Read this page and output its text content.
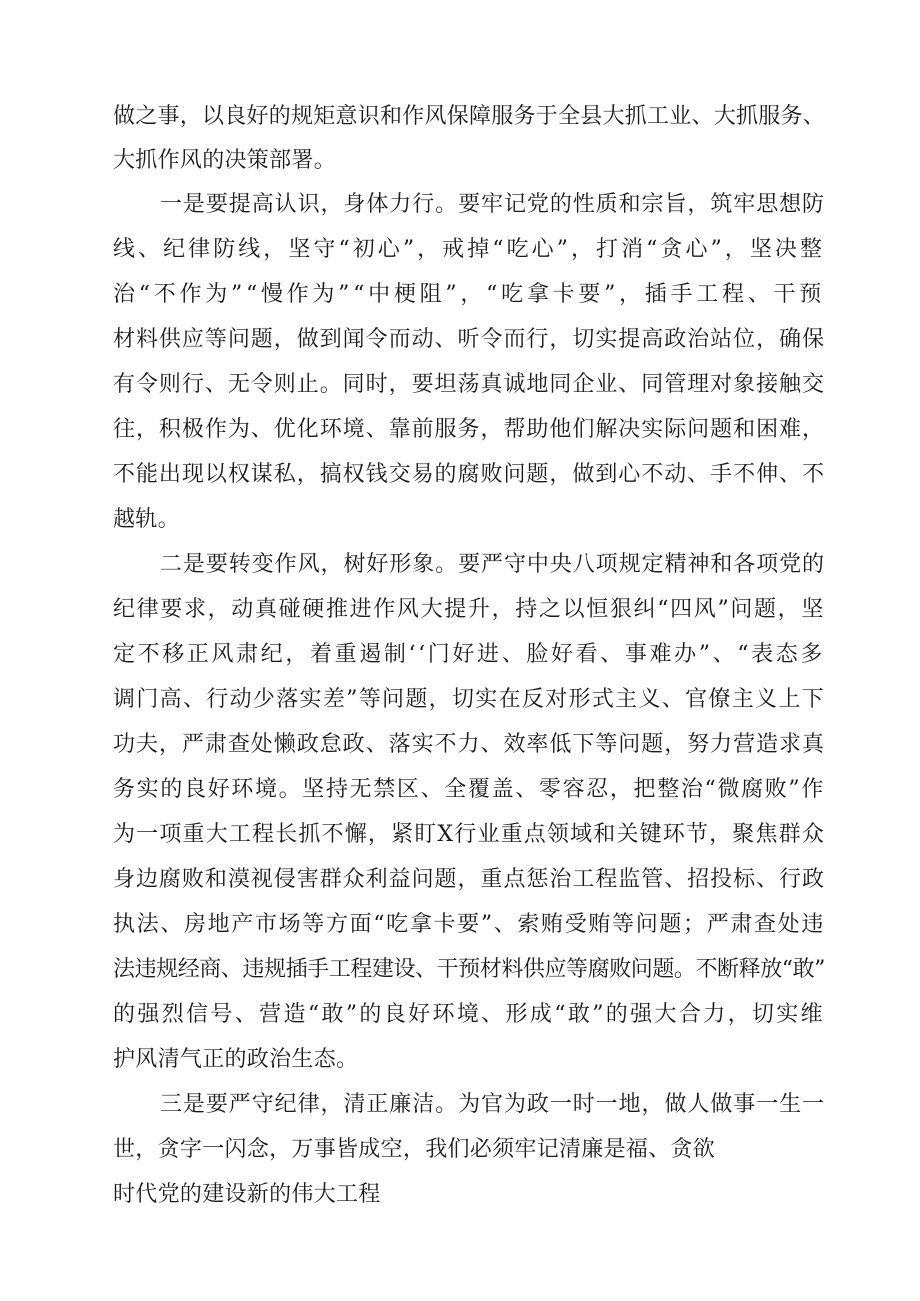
做之事，以良好的规矩意识和作风保障服务于全县大抓工业、大抓服务、
大抓作风的决策部署。
一是要提高认识，身体力行。要牢记党的性质和宗旨，筑牢思想防
线、纪律防线，坚守“初心”，戒掉“吃心”，打消“贪心”，坚决整
治“不作为”“慢作为”“中梗阻”，“吃拿卡要”，插手工程、干预
材料供应等问题，做到闻令而动、听令而行，切实提高政治站位，确保
有令则行、无令则止。同时，要坦荡真诚地同企业、同管理对象接触交
往，积极作为、优化环境、靠前服务，帮助他们解决实际问题和困难，
不能出现以权谋私，搞权钱交易的腐败问题，做到心不动、手不伸、不
越轨。
二是要转变作风，树好形象。要严守中央八项规定精神和各项党的
纪律要求，动真碰硬推进作风大提升，持之以恒狠纠“四风”问题，坚
定不移正风肃纪，着重遏制‘‘门好进、脸好看、事难办”、“表态多
调门高、行动少落实差”等问题，切实在反对形式主义、官僚主义上下
功夫，严肃查处懒政怠政、落实不力、效率低下等问题，努力营造求真
务实的良好环境。坚持无禁区、全覆盖、零容忍，把整治“微腐败”作
为一项重大工程长抓不懈，紧盯X行业重点领域和关键环节，聚焦群众
身边腐败和漠视侵害群众利益问题，重点惩治工程监管、招投标、行政
执法、房地产市场等方面“吃拿卡要”、索贿受贿等问题；严肃查处违
法违规经商、违规插手工程建设、干预材料供应等腐败问题。不断释放“敢”
的强烈信号、营造“敢”的良好环境、形成“敢”的强大合力，切实维
护风清气正的政治生态。
三是要严守纪律，清正廉洁。为官为政一时一地，做人做事一生一
世，贪字一闪念，万事皆成空，我们必须牢记清廉是福、贪欲
时代党的建设新的伟大工程
